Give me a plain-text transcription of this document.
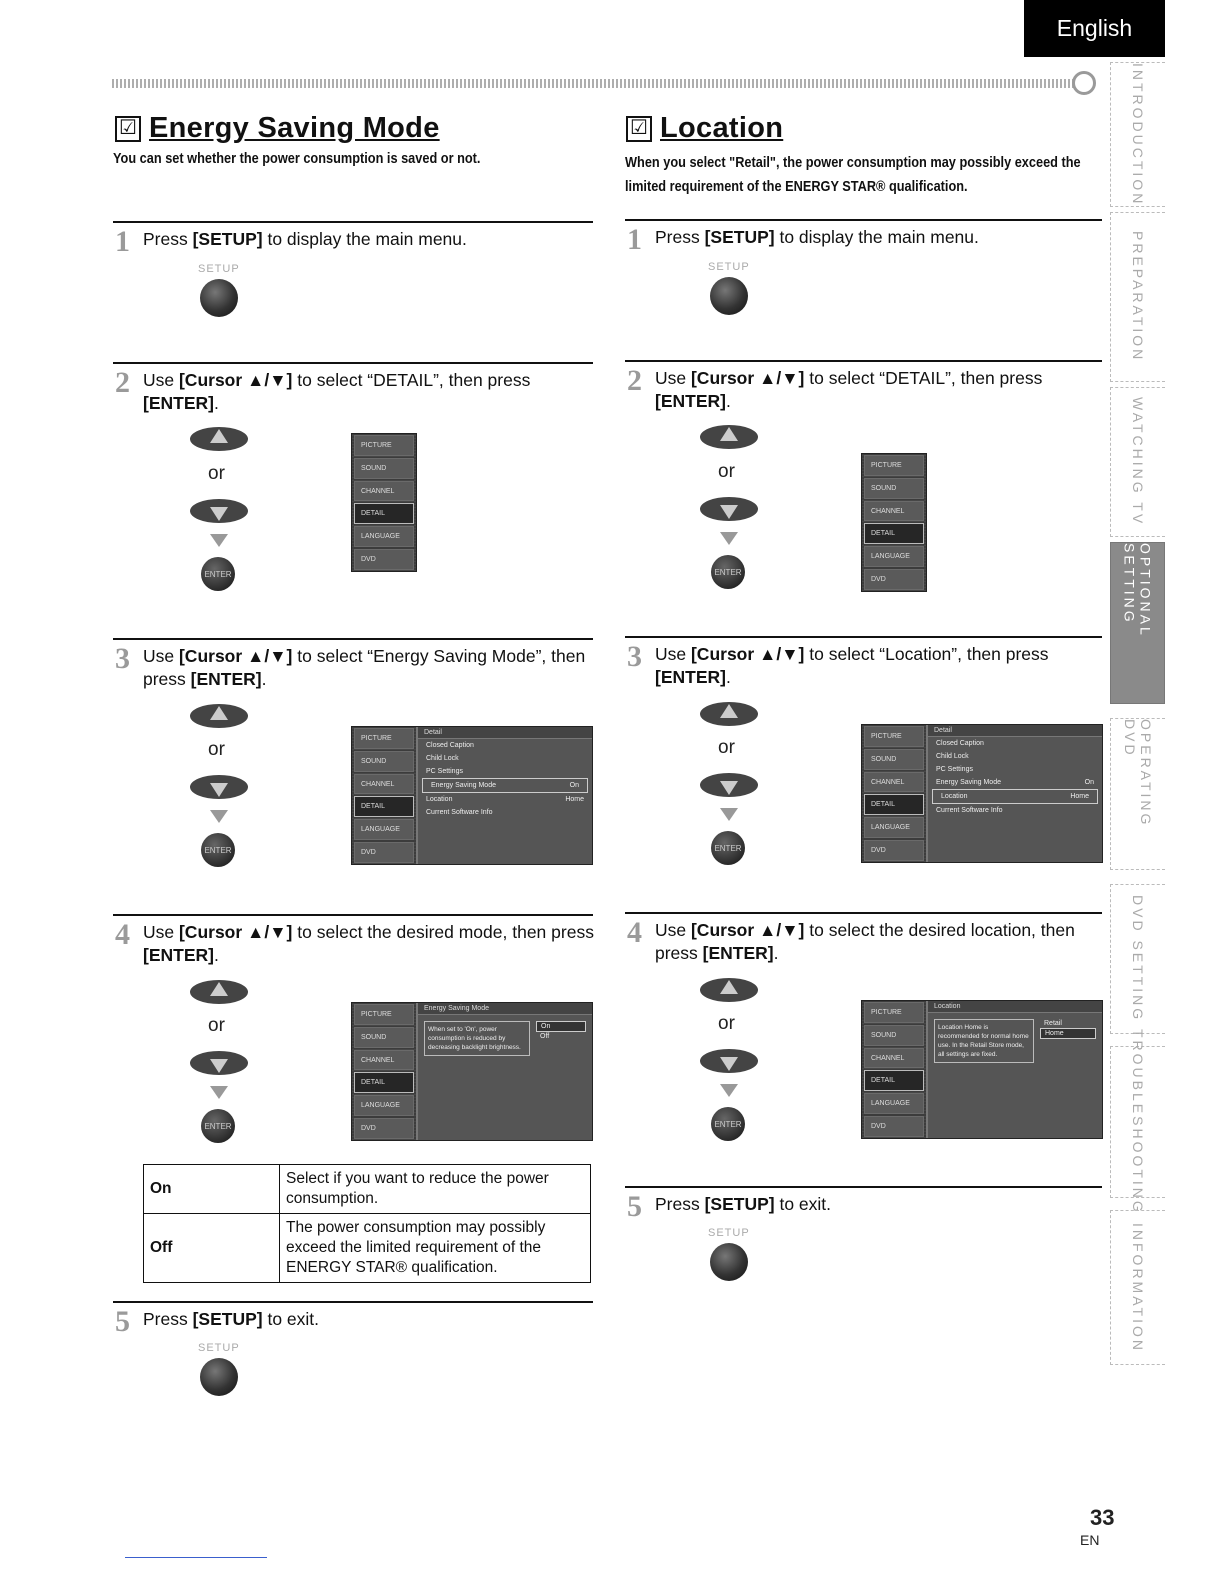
English
☑ Energy Saving Mode
You can set whether the power consumption is saved or not.
1 Press [SETUP] to display the main menu.
SETUP
2 Use [Cursor ▲/▼] to select “DETAIL”, then press [ENTER].
or
ENTER
PICTURE
SOUND
CHANNEL
DETAIL
LANGUAGE
DVD
3 Use [Cursor ▲/▼] to select “Energy Saving Mode”, then press [ENTER].
or
ENTER
PICTURE
SOUND
CHANNEL
DETAIL
LANGUAGE
DVD
Detail
Closed Caption
Child Lock
PC Settings
Energy Saving Mode	On
Location	Home
Current Software Info
4 Use [Cursor ▲/▼] to select the desired mode, then press [ENTER].
or
ENTER
PICTURE
SOUND
CHANNEL
DETAIL
LANGUAGE
DVD
Energy Saving Mode
When set to 'On', power consumption is reduced by decreasing backlight brightness.
On
Off
On	Select if you want to reduce the power consumption.
Off	The power consumption may possibly exceed the limited requirement of the ENERGY STAR® qualification.
5 Press [SETUP] to exit.
SETUP
☑ Location
When you select "Retail", the power consumption may possibly exceed the
limited requirement of the ENERGY STAR® qualification.
1 Press [SETUP] to display the main menu.
SETUP
2 Use [Cursor ▲/▼] to select “DETAIL”, then press [ENTER].
or
ENTER
PICTURE
SOUND
CHANNEL
DETAIL
LANGUAGE
DVD
3 Use [Cursor ▲/▼] to select “Location”, then press [ENTER].
or
ENTER
PICTURE
SOUND
CHANNEL
DETAIL
LANGUAGE
DVD
Detail
Closed Caption
Child Lock
PC Settings
Energy Saving Mode	On
Location	Home
Current Software Info
4 Use [Cursor ▲/▼] to select the desired location, then press [ENTER].
or
ENTER
PICTURE
SOUND
CHANNEL
DETAIL
LANGUAGE
DVD
Location
Location Home is recommended for normal home use. In the Retail Store mode, all settings are fixed.
Retail
Home
5 Press [SETUP] to exit.
SETUP
INTRODUCTION
PREPARATION
WATCHING TV
OPTIONAL SETTING
OPERATING DVD
DVD SETTING
TROUBLESHOOTING
INFORMATION
33
EN
